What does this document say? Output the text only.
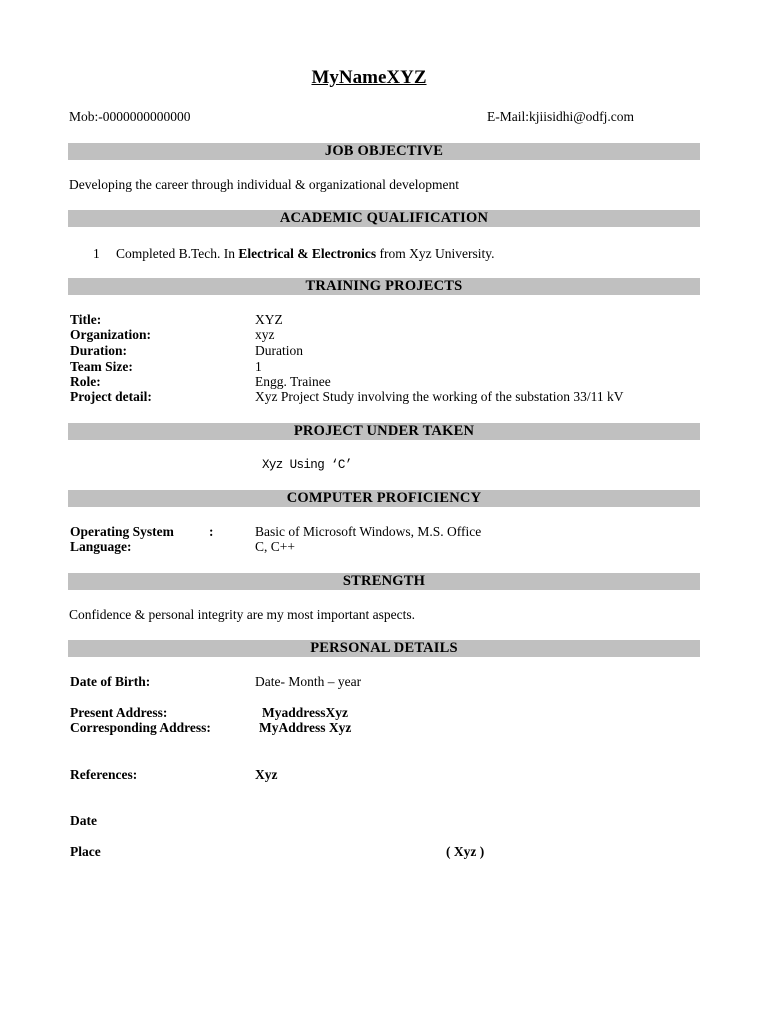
MyNameXYZ
Mob:-0000000000000	E-Mail:kjiisidhi@odfj.com
JOB OBJECTIVE
Developing the career through individual & organizational development
ACADEMIC QUALIFICATION
1 Completed B.Tech. In Electrical & Electronics from Xyz University.
TRAINING PROJECTS
Title:	XYZ
Organization:	xyz
Duration:	Duration
Team Size:	1
Role:	Engg. Trainee
Project detail:	Xyz Project Study involving the working of the substation 33/11 kV
PROJECT UNDER TAKEN
Xyz Using ‘C’
COMPUTER PROFICIENCY
Operating System	:	Basic of Microsoft Windows, M.S. Office
Language:	C, C++
STRENGTH
Confidence & personal integrity are my most important aspects.
PERSONAL DETAILS
Date of Birth:	Date- Month – year
Present Address:	MyaddressXyz
Corresponding Address:	MyAddress Xyz
References:	Xyz
Date
Place	( Xyz )
